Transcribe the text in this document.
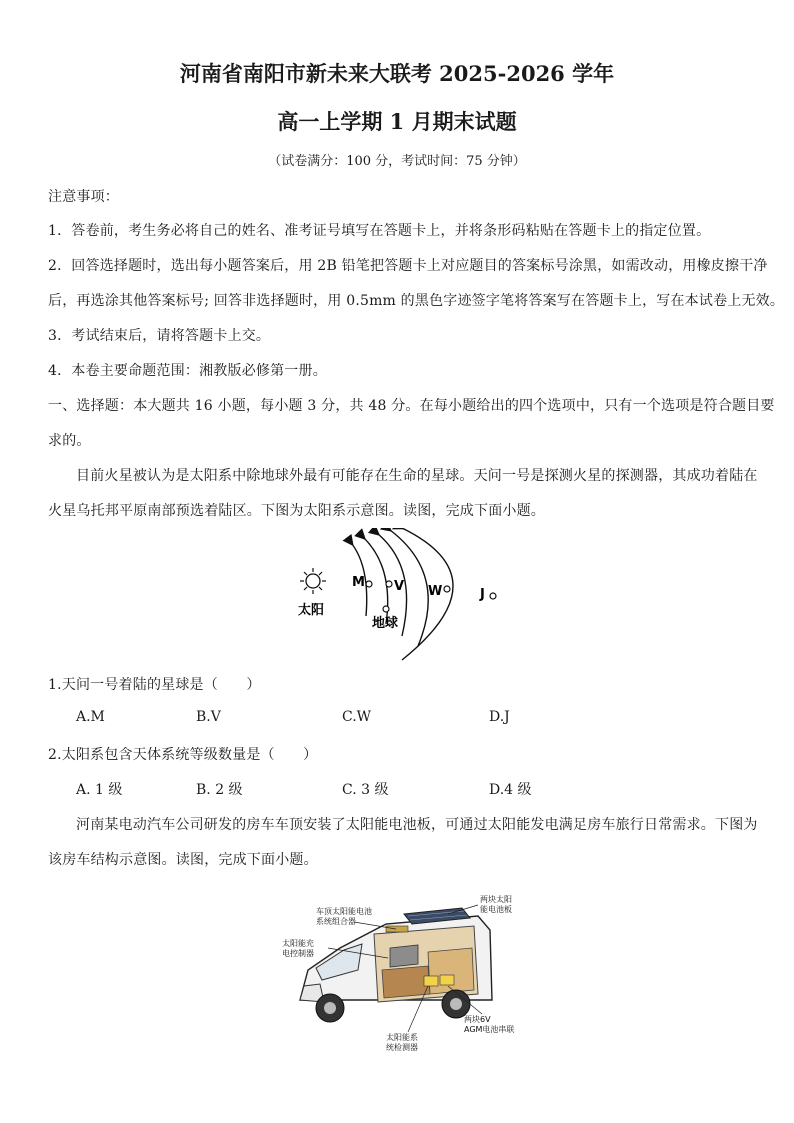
河南省南阳市新未来大联考 2025-2026 学年
高一上学期 1 月期末试题
（试卷满分：100 分，考试时间：75 分钟）
注意事项：
1．答卷前，考生务必将自己的姓名、准考证号填写在答题卡上，并将条形码粘贴在答题卡上的指定位置。
2．回答选择题时，选出每小题答案后，用 2B 铅笔把答题卡上对应题目的答案标号涂黑，如需改动，用橡皮擦干净
后，再选涂其他答案标号; 回答非选择题时，用 0.5mm 的黑色字迹签字笔将答案写在答题卡上，写在本试卷上无效。
3．考试结束后，请将答题卡上交。
4．本卷主要命题范围：湘教版必修第一册。
一、选择题：本大题共 16 小题，每小题 3 分，共 48 分。在每小题给出的四个选项中，只有一个选项是符合题目要
求的。
目前火星被认为是太阳系中除地球外最有可能存在生命的星球。天问一号是探测火星的探测器，其成功着陆在
火星乌托邦平原南部预选着陆区。下图为太阳系示意图。读图，完成下面小题。
M V W	J
太阳
地球
1.天问一号着陆的星球是（　　）
A.M	B.V	C.W	D.J
2.太阳系包含天体系统等级数量是（　　）
A. 1 级	B. 2 级	C. 3 级	D.4 级
河南某电动汽车公司研发的房车车顶安装了太阳能电池板，可通过太阳能发电满足房车旅行日常需求。下图为
该房车结构示意图。读图，完成下面小题。
车顶太阳能电池
系统组合器
太阳能充
电控制器
两块太阳
能电池板
两块6V
AGM电池串联
太阳能系
统检测器
